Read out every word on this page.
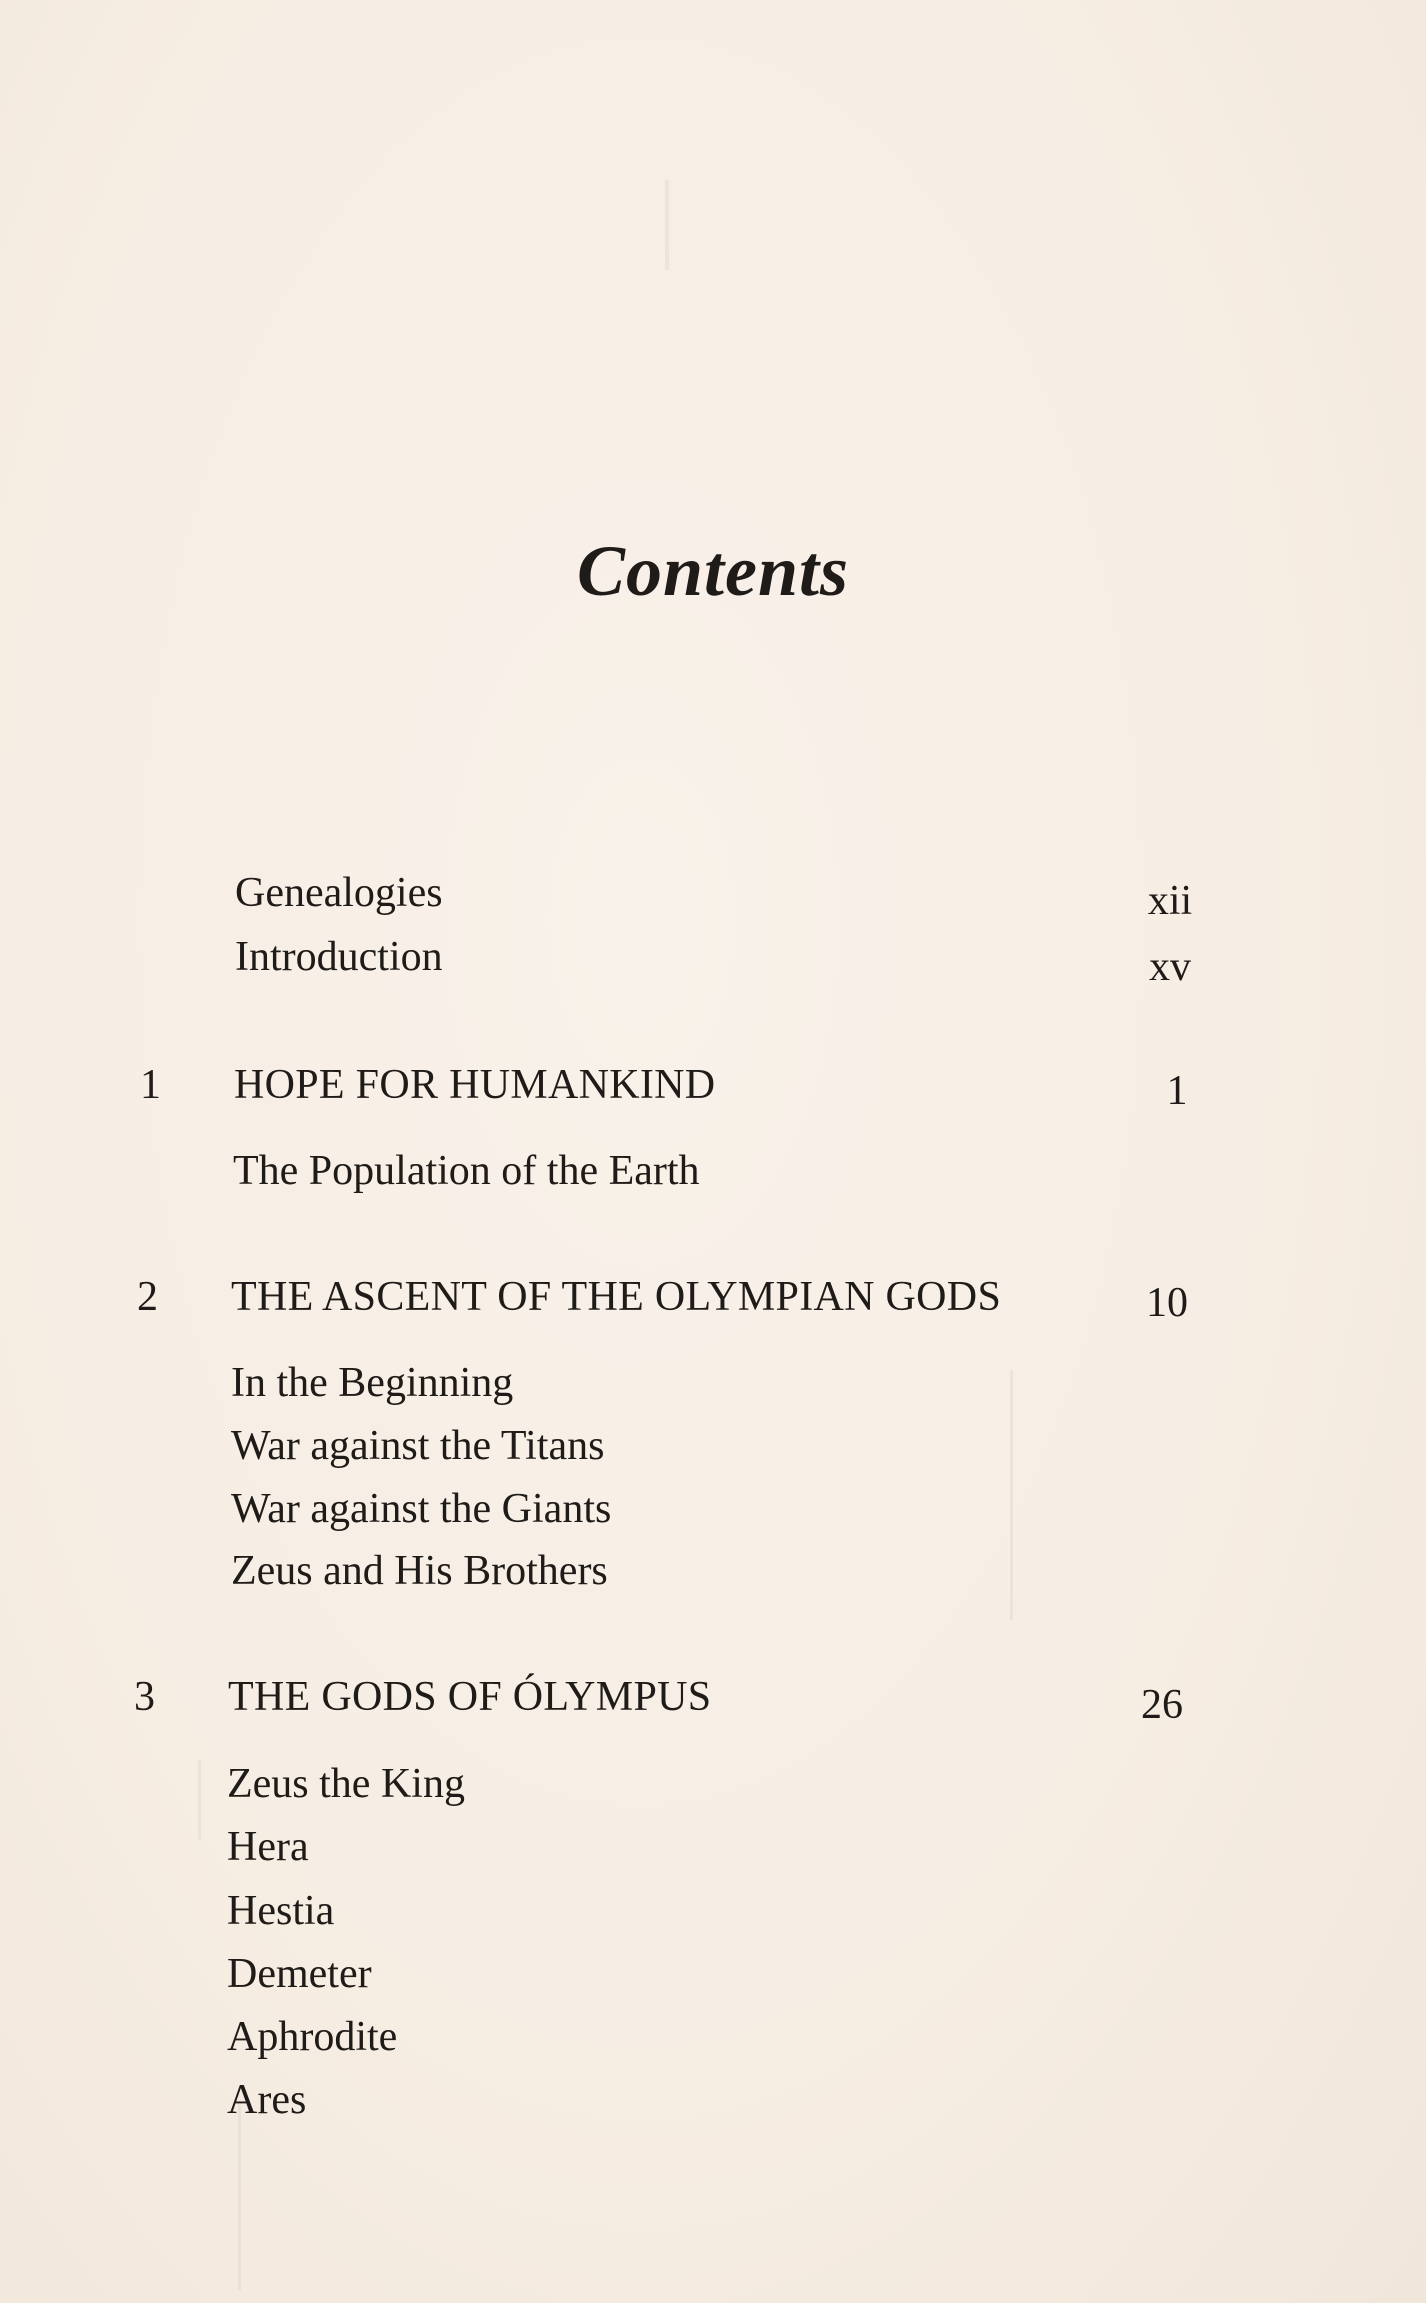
Contents
Genealogies	xii
Introduction	xv
1	HOPE FOR HUMANKIND	1
The Population of the Earth
2	THE ASCENT OF THE OLYMPIAN GODS	10
In the Beginning
War against the Titans
War against the Giants
Zeus and His Brothers
3	THE GODS OF ÓLYMPUS	26
Zeus the King
Hera
Hestia
Demeter
Aphrodite
Ares
